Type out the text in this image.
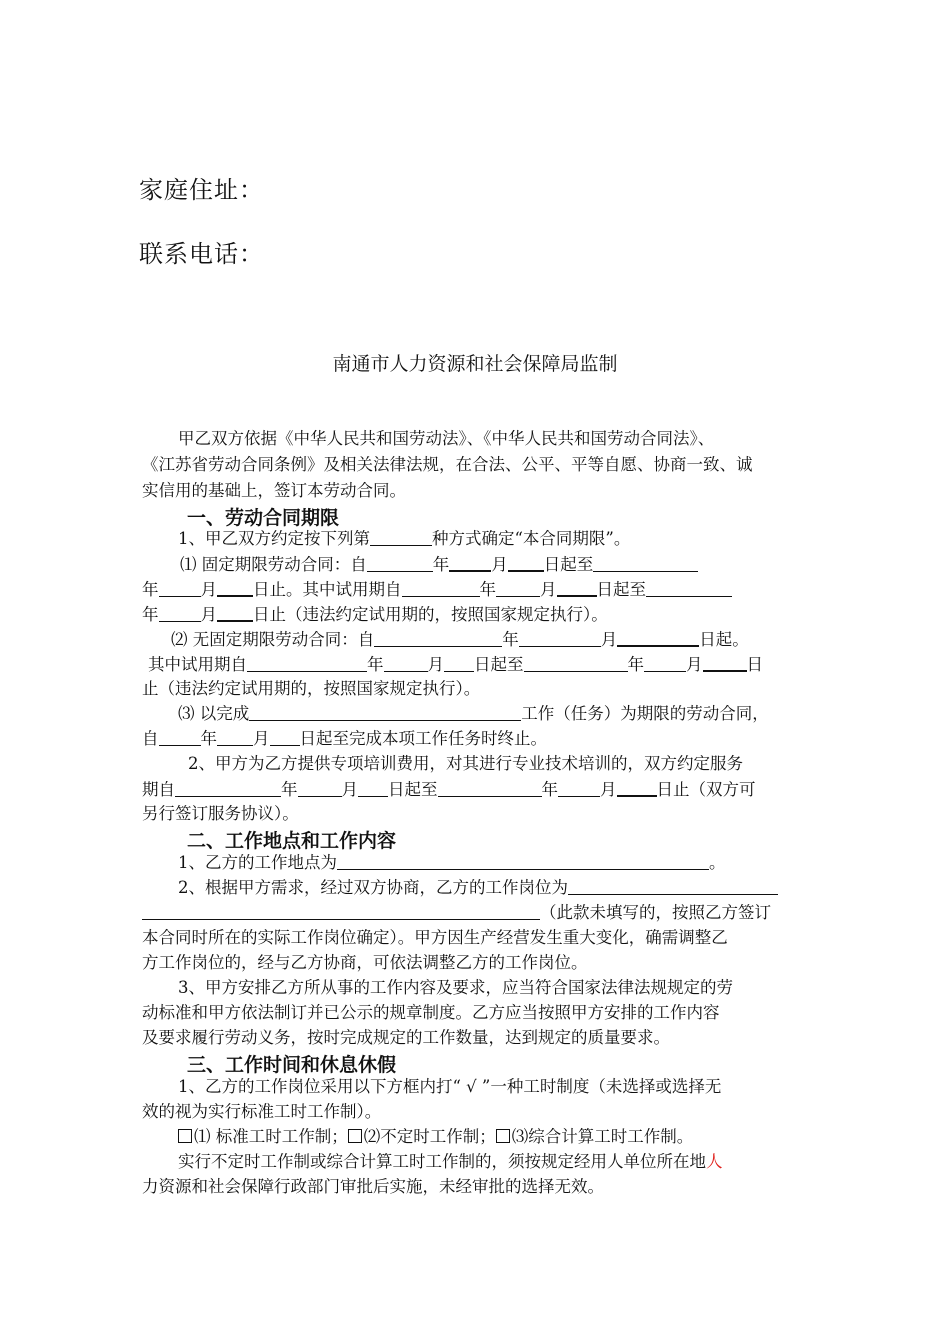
家庭住址：
联系电话：
南通市人力资源和社会保障局监制
甲乙双方依据《中华人民共和国劳动法》、《中华人民共和国劳动合同法》、
《江苏省劳动合同条例》及相关法律法规，在合法、公平、平等自愿、协商一致、诚
实信用的基础上，签订本劳动合同。
一、劳动合同期限
1、甲乙双方约定按下列第	种方式确定“本合同期限”。
⑴ 固定期限劳动合同：自	年	月 日起至
年	月 日止。其中试用期自	年	月 日起至
年	月 日止（违法约定试用期的，按照国家规定执行）。
⑵ 无固定期限劳动合同：自	年	月	日起。
其中试用期自	年	月 日起至	年	月	日
止（违法约定试用期的，按照国家规定执行）。
⑶ 以完成	工作（任务）为期限的劳动合同，
自	年 月 日起至完成本项工作任务时终止。
2、甲方为乙方提供专项培训费用，对其进行专业技术培训的，双方约定服务
期自	年	月 日起至	年	月 日止（双方可
另行签订服务协议）。
二、工作地点和工作内容
1、乙方的工作地点为	。
2、根据甲方需求，经过双方协商，乙方的工作岗位为
（此款未填写的，按照乙方签订
本合同时所在的实际工作岗位确定）。甲方因生产经营发生重大变化，确需调整乙
方工作岗位的，经与乙方协商，可依法调整乙方的工作岗位。
3、甲方安排乙方所从事的工作内容及要求，应当符合国家法律法规规定的劳
动标准和甲方依法制订并已公示的规章制度。乙方应当按照甲方安排的工作内容
及要求履行劳动义务，按时完成规定的工作数量，达到规定的质量要求。
三、工作时间和休息休假
1、乙方的工作岗位采用以下方框内打“ √ ”一种工时制度（未选择或选择无
效的视为实行标准工时工作制）。
⑴ 标准工时工作制； ⑵不定时工作制； ⑶综合计算工时工作制。
实行不定时工作制或综合计算工时工作制的，须按规定经用人单位所在地人
力资源和社会保障行政部门审批后实施，未经审批的选择无效。
